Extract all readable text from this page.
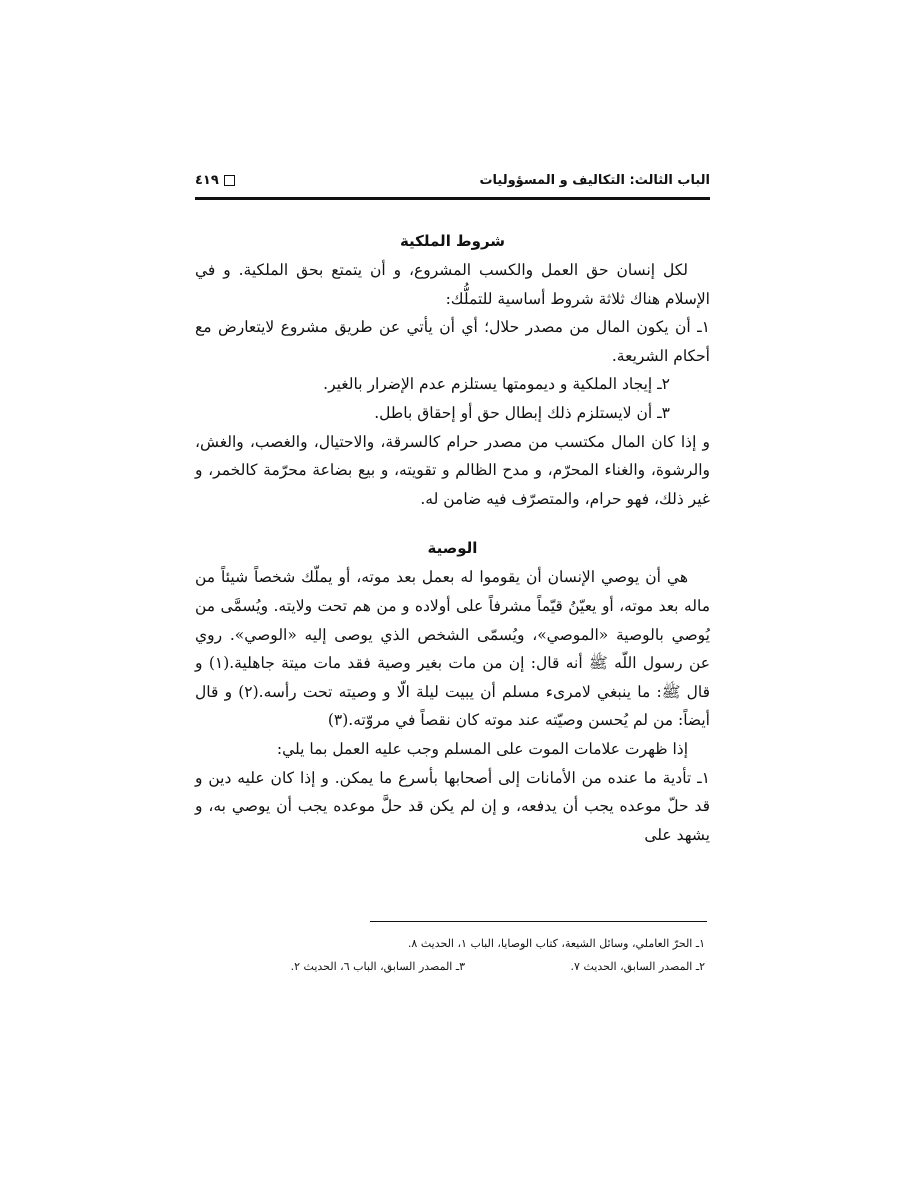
الباب الثالث: التكاليف و المسؤوليات
٤١٩
شروط الملكية

لكل إنسان حق العمل والكسب المشروع، و أن يتمتع بحق الملكية. و في الإسلام هناك ثلاثة شروط أساسية للتملُّك:

١ـ أن يكون المال من مصدر حلال؛ أي أن يأتي عن طريق مشروع لايتعارض مع أحكام الشريعة.

٢ـ إيجاد الملكية و ديمومتها يستلزم عدم الإضرار بالغير.

٣ـ أن لايستلزم ذلك إبطال حق أو إحقاق باطل.

و إذا كان المال مكتسب من مصدر حرام كالسرقة، والاحتيال، والغصب، والغش، والرشوة، والغناء المحرّم، و مدح الظالم و تقويته، و بيع بضاعة محرّمة كالخمر، و غير ذلك، فهو حرام، والمتصرّف فيه ضامن له.

الوصية

هي أن يوصي الإنسان أن يقوموا له بعمل بعد موته، أو يملّك شخصاً شيئاً من ماله بعد موته، أو يعيّنُ قيّماً مشرفاً على أولاده و من هم تحت ولايته. ويُسمَّى من يُوصي بالوصية «الموصي»، ويُسمّى الشخص الذي يوصى إليه «الوصي». روي عن رسول اللّه ﷺ أنه قال: إن من مات بغير وصية فقد مات ميتة جاهلية.(١) و قال ﷺ: ما ينبغي لامرىء مسلم أن يبيت ليلة الّا و وصيته تحت رأسه.(٢) و قال أيضاً: من لم يُحسن وصيّته عند موته كان نقصاً في مروّته.(٣)

إذا ظهرت علامات الموت على المسلم وجب عليه العمل بما يلي:

١ـ تأدية ما عنده من الأمانات إلى أصحابها بأسرع ما يمكن. و إذا كان عليه دين و قد حلّ موعده يجب أن يدفعه، و إن لم يكن قد حلَّ موعده يجب أن يوصي به، و يشهد على

١ـ الحرّ العاملي، وسائل الشيعة، كتاب الوصايا، الباب ١، الحديث ٨.

٢ـ المصدر السابق، الحديث ٧.
٣ـ المصدر السابق، الباب ٦، الحديث ٢.
